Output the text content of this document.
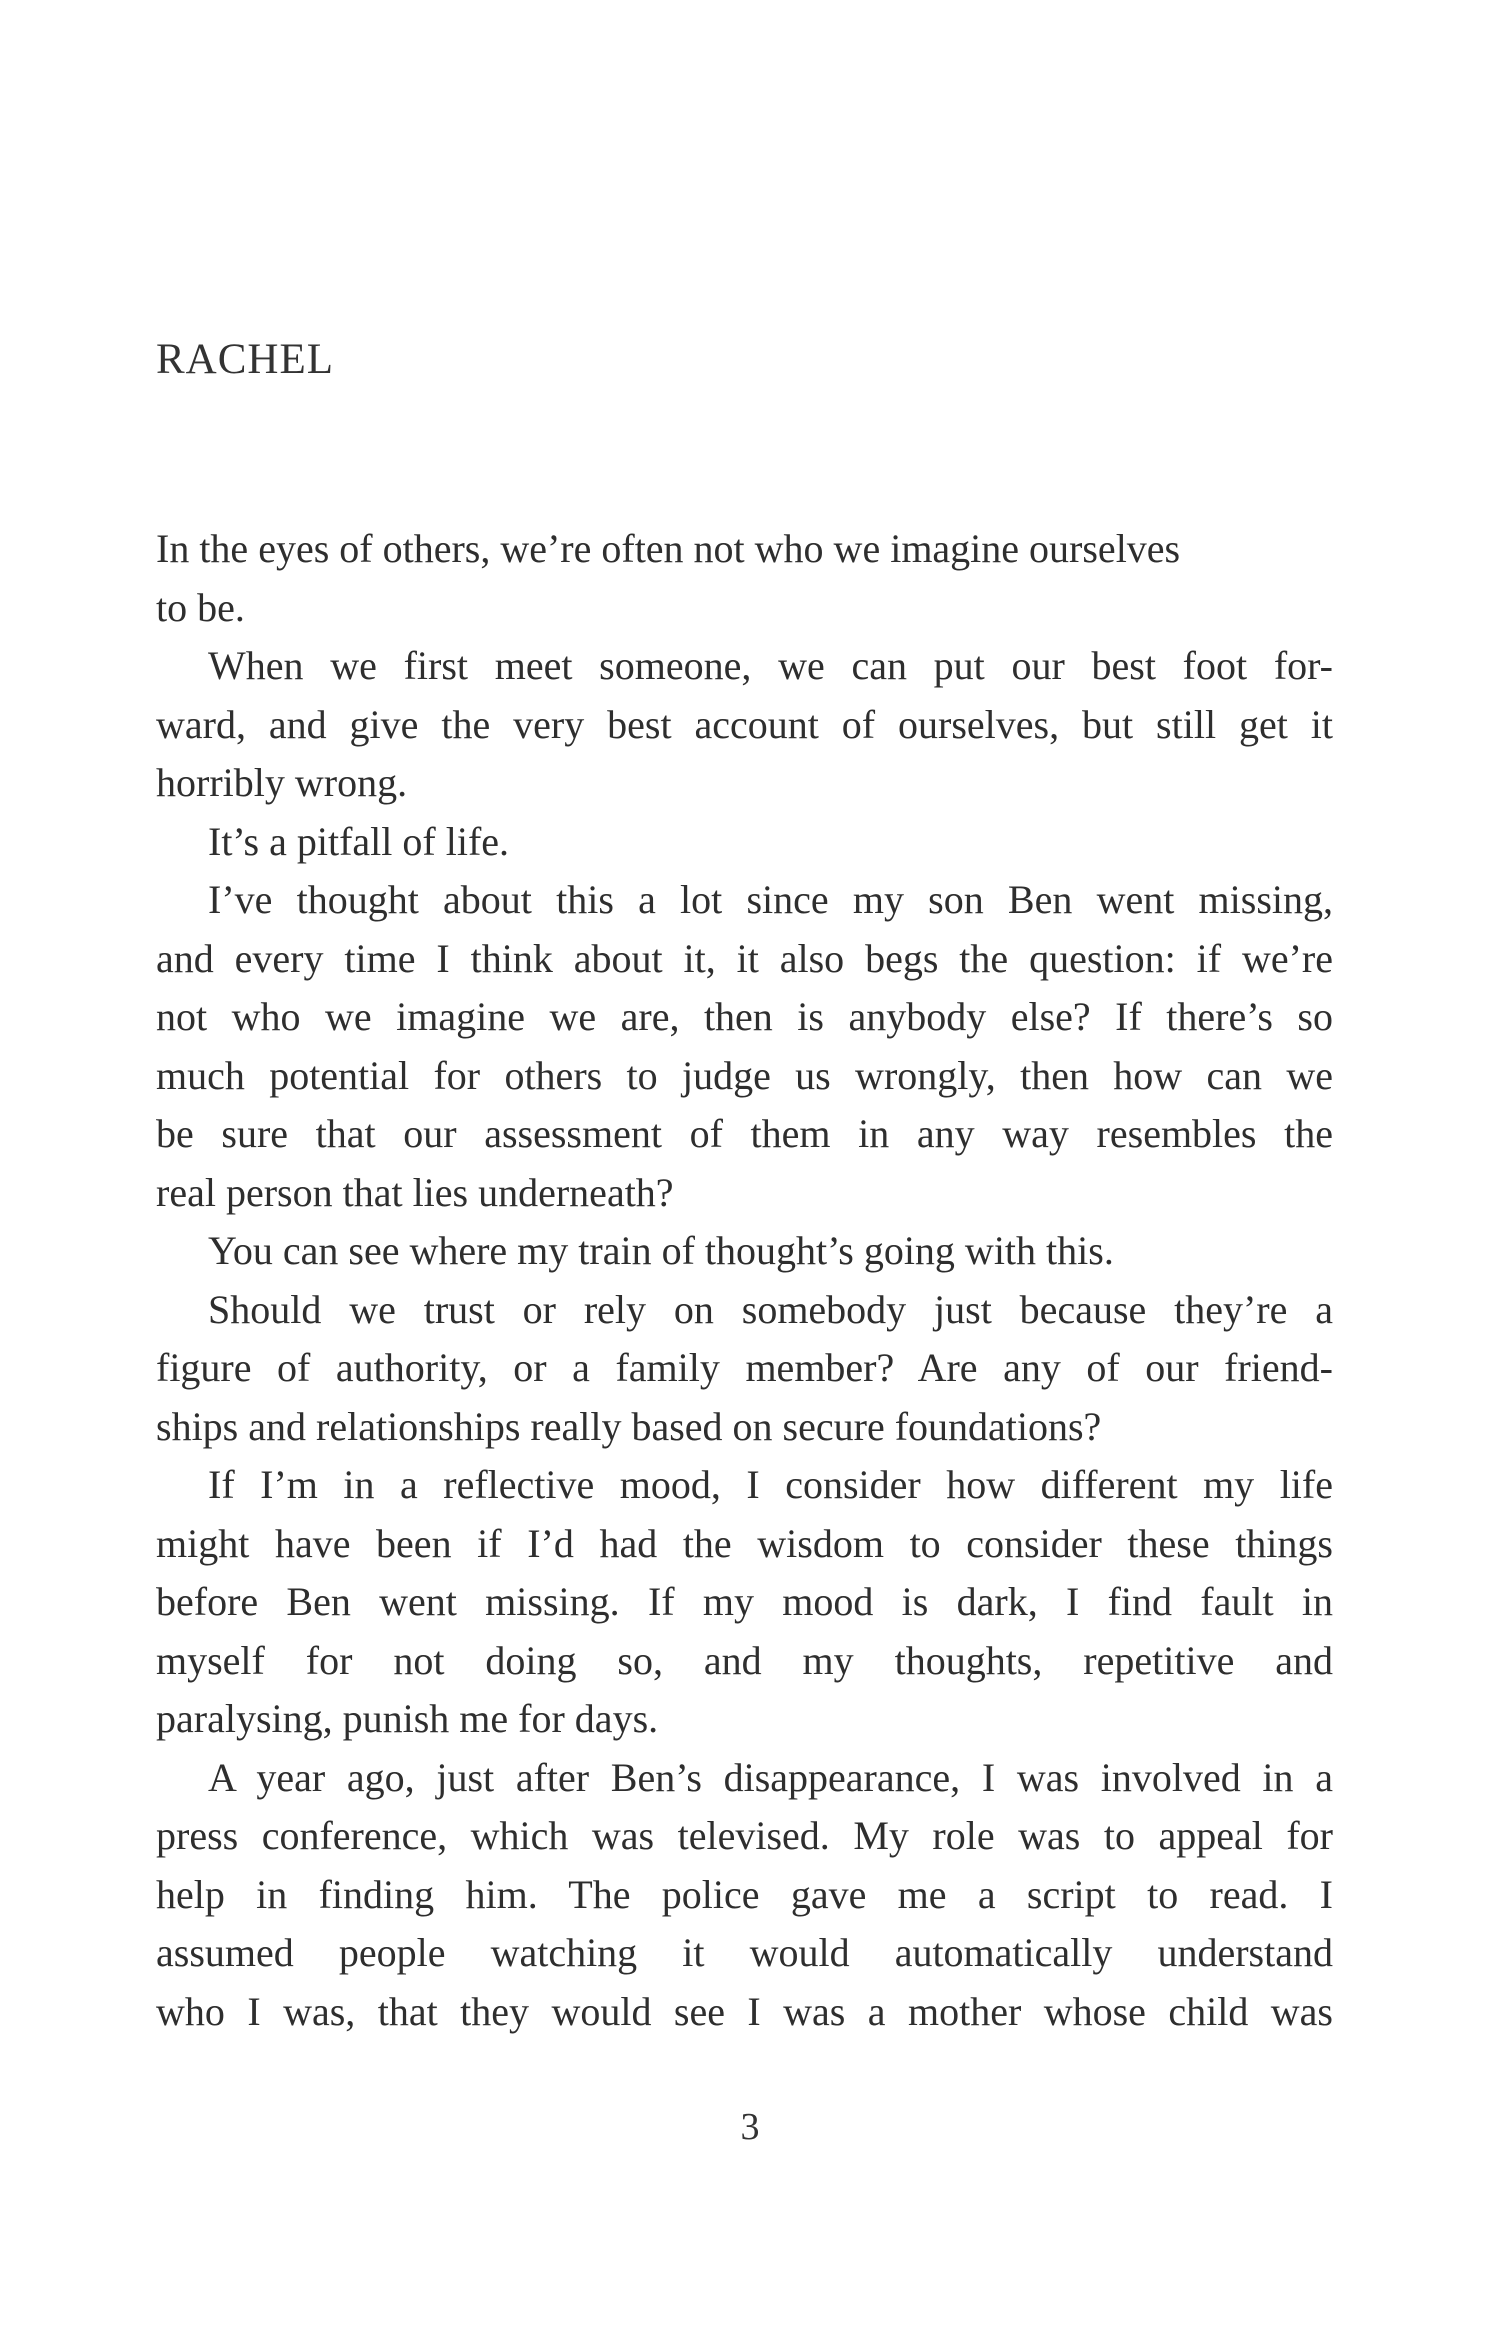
RACHEL
In the eyes of others, we’re often not who we imagine ourselves
to be.
When we first meet someone, we can put our best foot for-
ward, and give the very best account of ourselves, but still get it
horribly wrong.
It’s a pitfall of life.
I’ve thought about this a lot since my son Ben went missing,
and every time I think about it, it also begs the question: if we’re
not who we imagine we are, then is anybody else? If there’s so
much potential for others to judge us wrongly, then how can we
be sure that our assessment of them in any way resembles the
real person that lies underneath?
You can see where my train of thought’s going with this.
Should we trust or rely on somebody just because they’re a
figure of authority, or a family member? Are any of our friend-
ships and relationships really based on secure foundations?
If I’m in a reflective mood, I consider how different my life
might have been if I’d had the wisdom to consider these things
before Ben went missing. If my mood is dark, I find fault in
myself for not doing so, and my thoughts, repetitive and
paralysing, punish me for days.
A year ago, just after Ben’s disappearance, I was involved in a
press conference, which was televised. My role was to appeal for
help in finding him. The police gave me a script to read. I
assumed people watching it would automatically understand
who I was, that they would see I was a mother whose child was
3
